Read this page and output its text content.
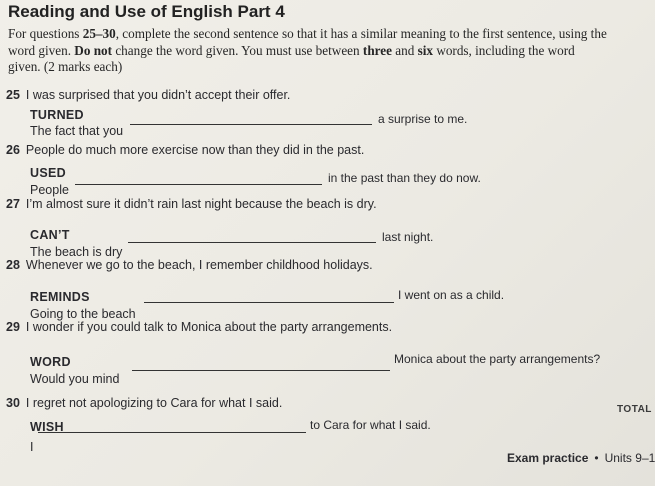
Reading and Use of English Part 4
For questions 25–30, complete the second sentence so that it has a similar meaning to the first sentence, using the word given. Do not change the word given. You must use between three and six words, including the word given. (2 marks each)
25 I was surprised that you didn’t accept their offer.
TURNED
The fact that you
a surprise to me.
26 People do much more exercise now than they did in the past.
USED
People
in the past than they do now.
27 I’m almost sure it didn’t rain last night because the beach is dry.
CAN’T
The beach is dry
last night.
28 Whenever we go to the beach, I remember childhood holidays.
REMINDS
Going to the beach
I went on as a child.
29 I wonder if you could talk to Monica about the party arrangements.
WORD
Would you mind
Monica about the party arrangements?
30 I regret not apologizing to Cara for what I said.
WISH
I
to Cara for what I said.
TOTAL
Exam practice • Units 9–1
